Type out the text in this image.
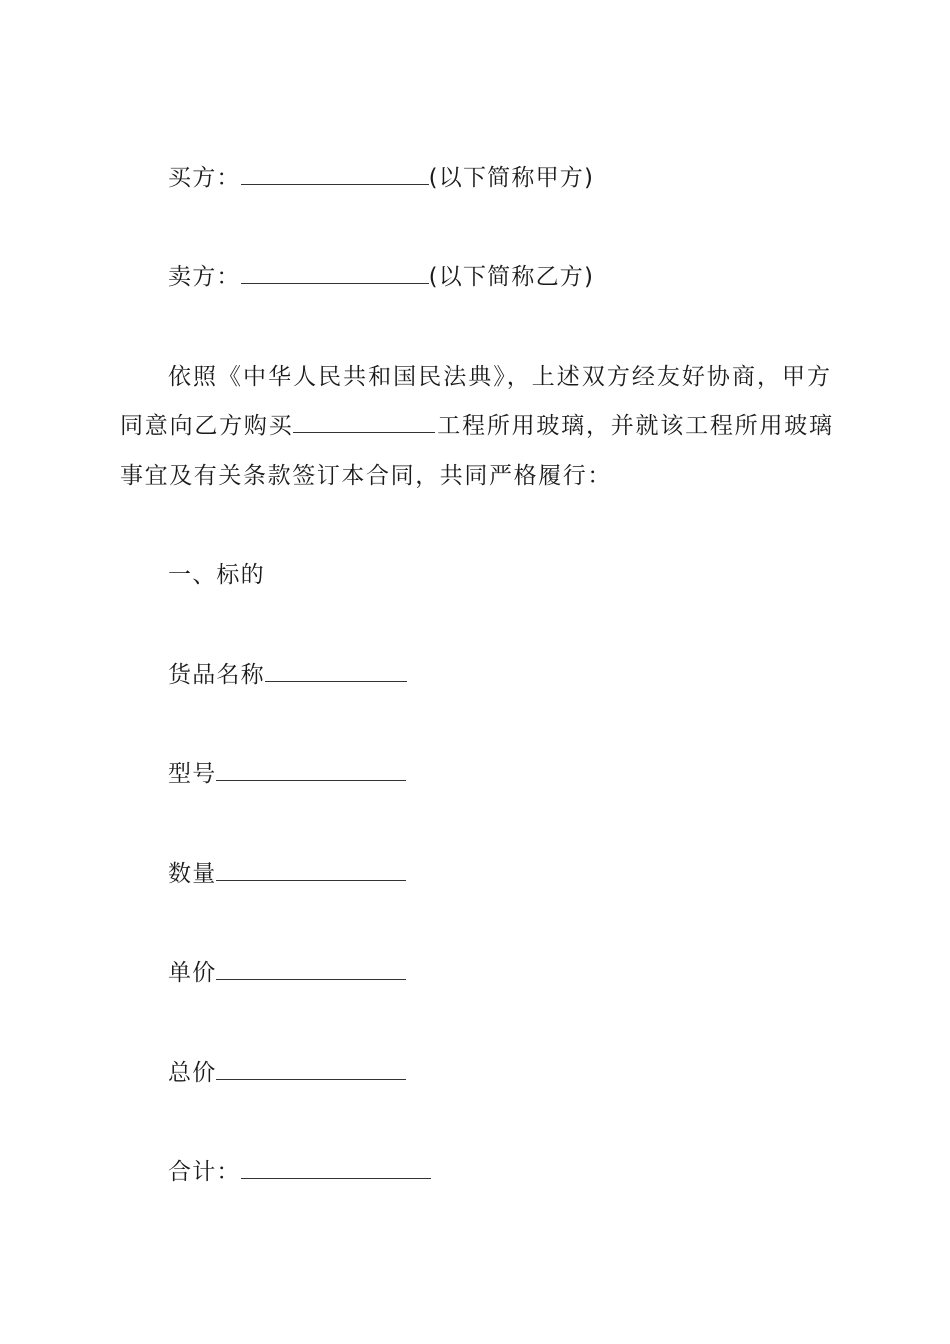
买方：	(以下简称甲方)
卖方：	(以下简称乙方)
依照《中华人民共和国民法典》，上述双方经友好协商，甲方
同意向乙方购买	工程所用玻璃，并就该工程所用玻璃
事宜及有关条款签订本合同，共同严格履行：
一、标的
货品名称
型号
数量
单价
总价
合计：
